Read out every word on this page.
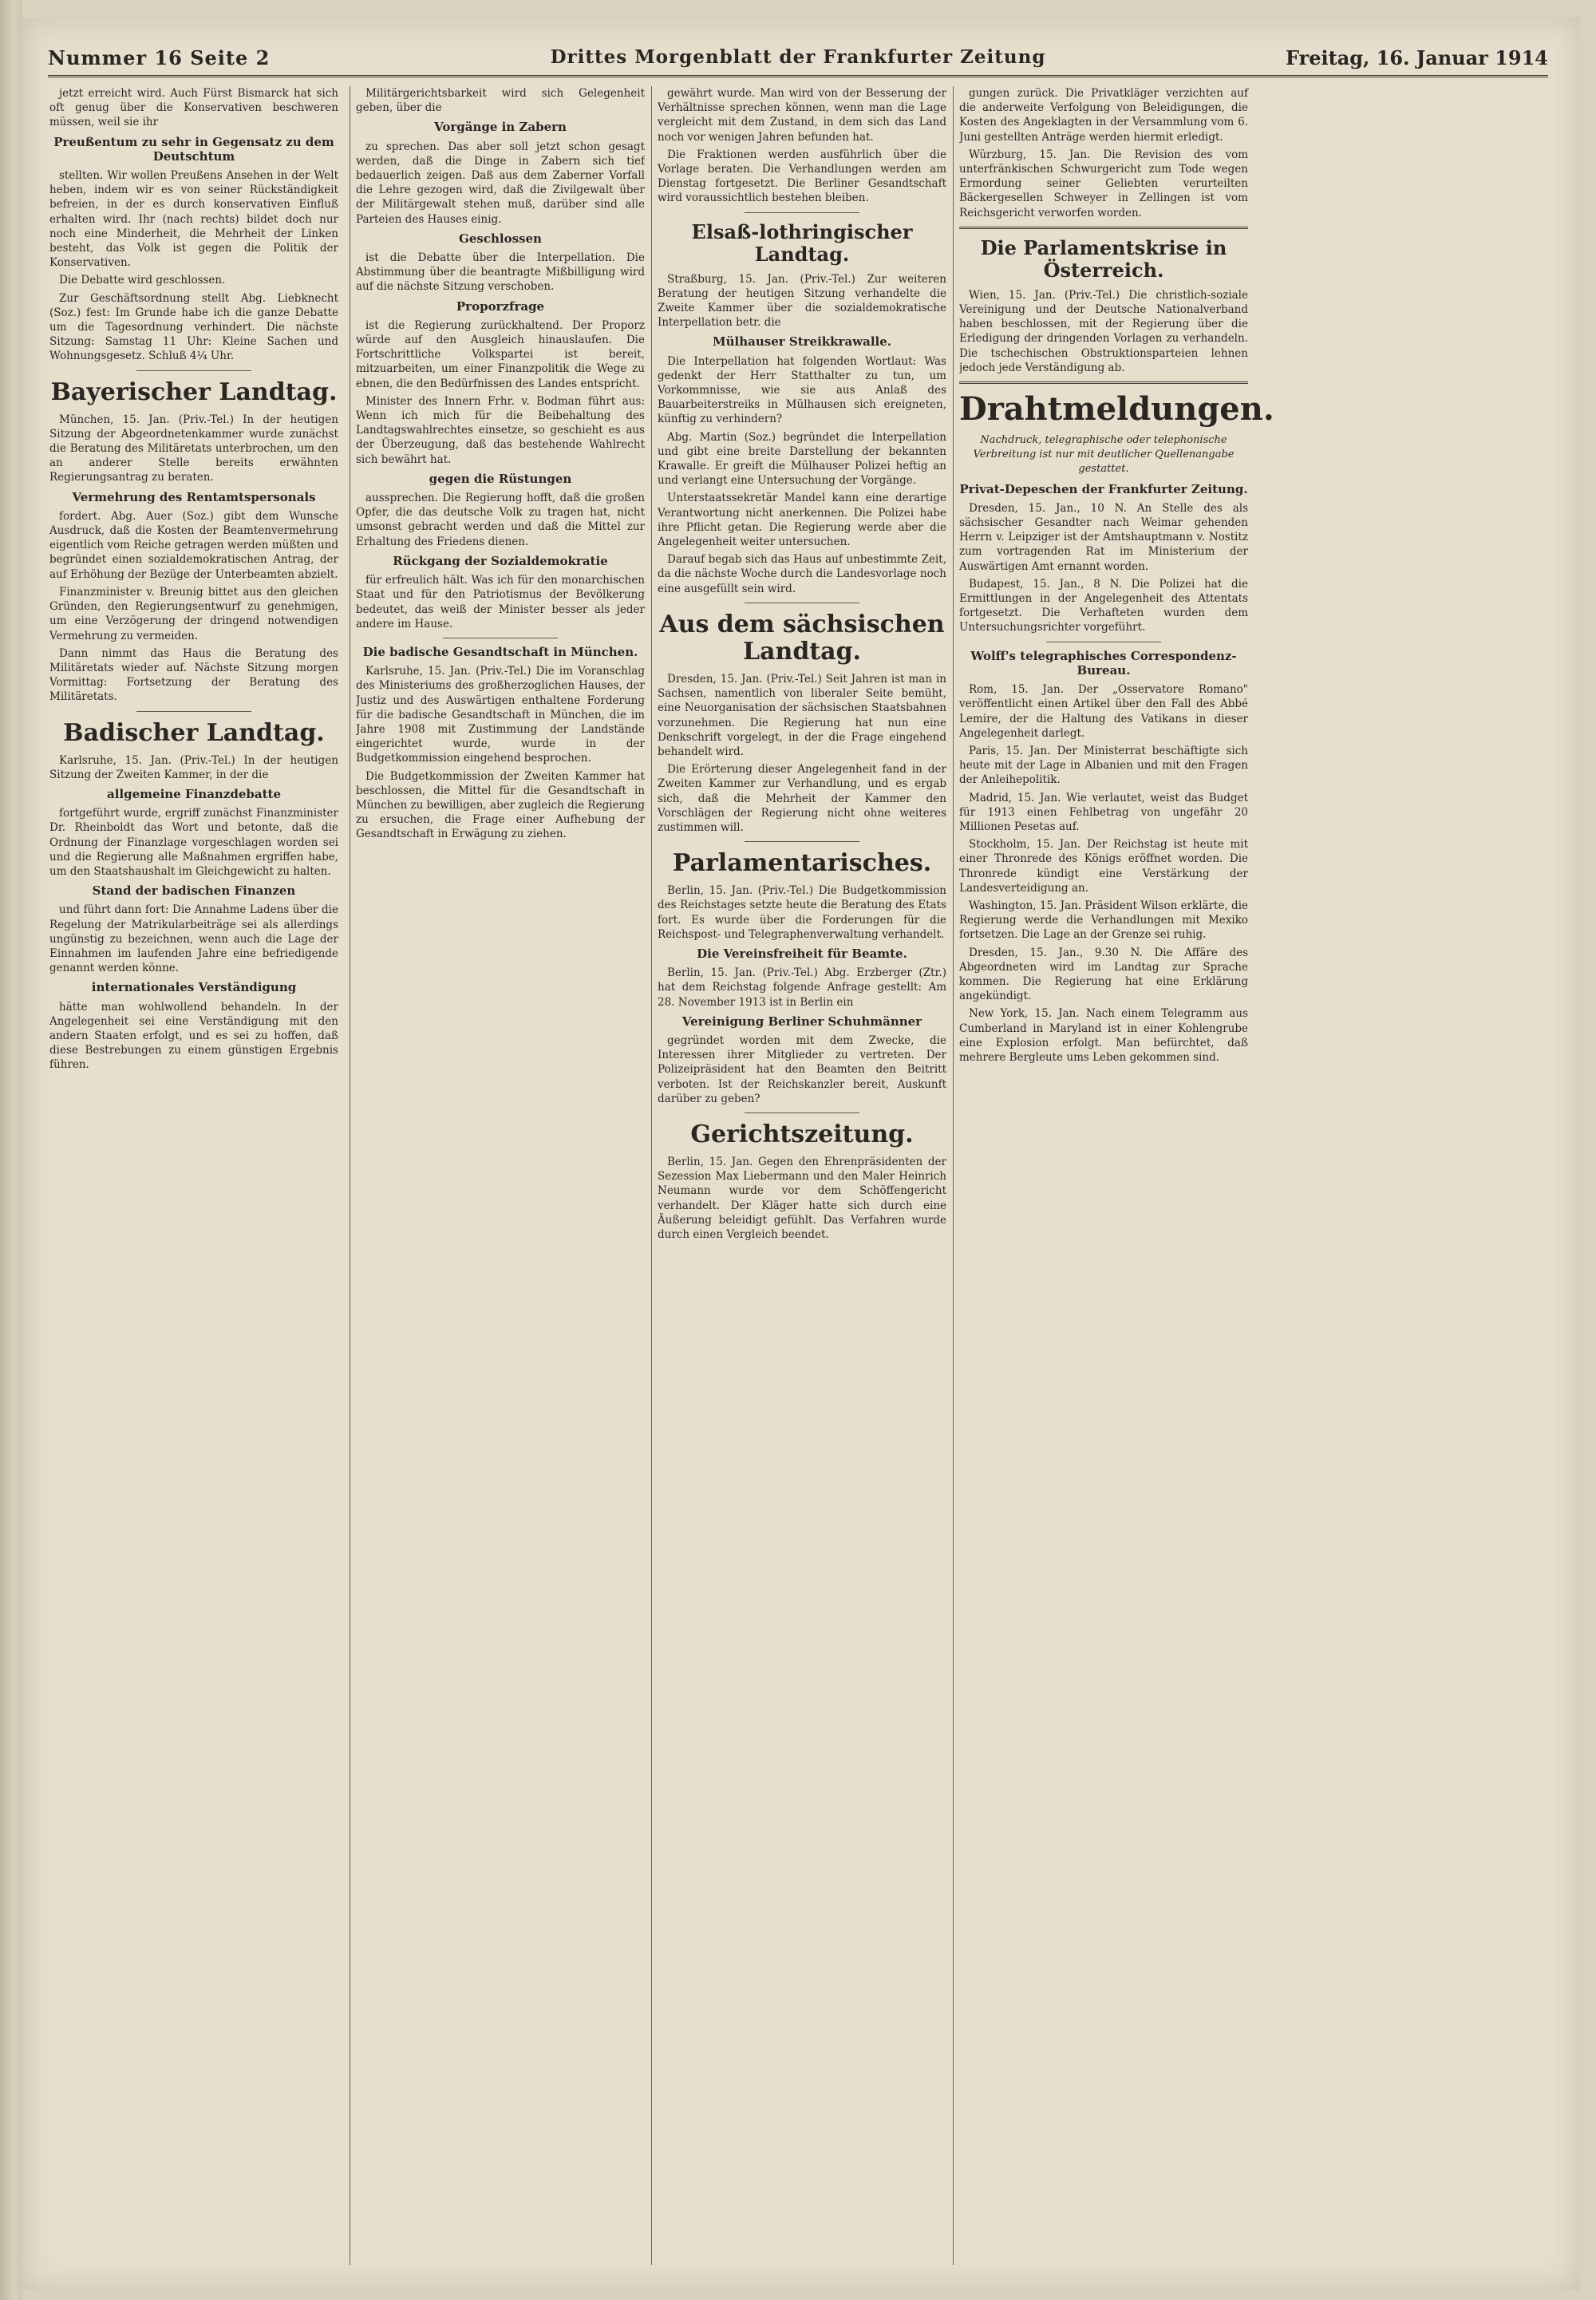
Nummer 16 Seite 2	Drittes Morgenblatt der Frankfurter Zeitung	Freitag, 16. Januar 1914

jetzt erreicht wird. Auch Fürst Bismarck hat sich oft genug über die Konservativen beschweren müssen, weil sie ihr

Preußentum zu sehr in Gegensatz zu dem Deutschtum

stellten. Wir wollen Preußens Ansehen in der Welt heben, indem wir es von seiner Rückständigkeit befreien, in der es durch konservativen Einfluß erhalten wird. Ihr (nach rechts) bildet doch nur noch eine Minderheit, die Mehrheit der Linken besteht, das Volk ist gegen die Politik der Konservativen.

Die Debatte wird geschlossen.

Zur Geschäftsordnung stellt Abg. Liebknecht (Soz.) fest: Im Grunde habe ich die ganze Debatte um die Tagesordnung verhindert. Die nächste Sitzung: Samstag 11 Uhr: Kleine Sachen und Wohnungsgesetz. Schluß 4¼ Uhr.

Bayerischer Landtag.

München, 15. Jan. (Priv.-Tel.) In der heutigen Sitzung der Abgeordnetenkammer wurde zunächst die Beratung des Militäretats unterbrochen, um den an anderer Stelle bereits erwähnten Regierungsantrag zu beraten.

Vermehrung des Rentamtspersonals

fordert. Abg. Auer (Soz.) gibt dem Wunsche Ausdruck, daß die Kosten der Beamtenvermehrung eigentlich vom Reiche getragen werden müßten und begründet einen sozialdemokratischen Antrag, der auf Erhöhung der Bezüge der Unterbeamten abzielt.

Finanzminister v. Breunig bittet aus den gleichen Gründen, den Regierungsentwurf zu genehmigen, um eine Verzögerung der dringend notwendigen Vermehrung zu vermeiden.

Dann nimmt das Haus die Beratung des Militäretats wieder auf. Nächste Sitzung morgen Vormittag: Fortsetzung der Beratung des Militäretats.

Badischer Landtag.

Karlsruhe, 15. Jan. (Priv.-Tel.) In der heutigen Sitzung der Zweiten Kammer, in der die

allgemeine Finanzdebatte

fortgeführt wurde, ergriff zunächst Finanzminister Dr. Rheinboldt das Wort und betonte, daß die Ordnung der Finanzlage vorgeschlagen worden sei und die Regierung alle Maßnahmen ergriffen habe, um den Staatshaushalt im Gleichgewicht zu halten.

Stand der badischen Finanzen

und führt dann fort: Die Annahme Ladens über die Regelung der Matrikularbeiträge sei als allerdings ungünstig zu bezeichnen, wenn auch die Lage der Einnahmen im laufenden Jahre eine befriedigende genannt werden könne.

internationales Verständigung

hätte man wohlwollend behandeln. In der Angelegenheit sei eine Verständigung mit den andern Staaten erfolgt, und es sei zu hoffen, daß diese Bestrebungen zu einem günstigen Ergebnis führen.

Militärgerichtsbarkeit wird sich Gelegenheit geben, über die

Vorgänge in Zabern

zu sprechen. Das aber soll jetzt schon gesagt werden, daß die Dinge in Zabern sich tief bedauerlich zeigen. Daß aus dem Zaberner Vorfall die Lehre gezogen wird, daß die Zivilgewalt über der Militärgewalt stehen muß, darüber sind alle Parteien des Hauses einig.

Geschlossen

ist die Debatte über die Interpellation. Die Abstimmung über die beantragte Mißbilligung wird auf die nächste Sitzung verschoben.

Proporzfrage

ist die Regierung zurückhaltend. Der Proporz würde auf den Ausgleich hinauslaufen. Die Fortschrittliche Volkspartei ist bereit, mitzuarbeiten, um einer Finanzpolitik die Wege zu ebnen, die den Bedürfnissen des Landes entspricht.

Minister des Innern Frhr. v. Bodman führt aus: Wenn ich mich für die Beibehaltung des Landtagswahlrechtes einsetze, so geschieht es aus der Überzeugung, daß das bestehende Wahlrecht sich bewährt hat.

gegen die Rüstungen

aussprechen. Die Regierung hofft, daß die großen Opfer, die das deutsche Volk zu tragen hat, nicht umsonst gebracht werden und daß die Mittel zur Erhaltung des Friedens dienen.

Rückgang der Sozialdemokratie

für erfreulich hält. Was ich für den monarchischen Staat und für den Patriotismus der Bevölkerung bedeutet, das weiß der Minister besser als jeder andere im Hause.

Die badische Gesandtschaft in München.

Karlsruhe, 15. Jan. (Priv.-Tel.) Die im Voranschlag des Ministeriums des großherzoglichen Hauses, der Justiz und des Auswärtigen enthaltene Forderung für die badische Gesandtschaft in München, die im Jahre 1908 mit Zustimmung der Landstände eingerichtet wurde, wurde in der Budgetkommission eingehend besprochen.

Die Budgetkommission der Zweiten Kammer hat beschlossen, die Mittel für die Gesandtschaft in München zu bewilligen, aber zugleich die Regierung zu ersuchen, die Frage einer Aufhebung der Gesandtschaft in Erwägung zu ziehen.

gewährt wurde. Man wird von der Besserung der Verhältnisse sprechen können, wenn man die Lage vergleicht mit dem Zustand, in dem sich das Land noch vor wenigen Jahren befunden hat.

Die Fraktionen werden ausführlich über die Vorlage beraten. Die Verhandlungen werden am Dienstag fortgesetzt. Die Berliner Gesandtschaft wird voraussichtlich bestehen bleiben.

Elsaß-lothringischer Landtag.

Straßburg, 15. Jan. (Priv.-Tel.) Zur weiteren Beratung der heutigen Sitzung verhandelte die Zweite Kammer über die sozialdemokratische Interpellation betr. die

Mülhauser Streikkrawalle.

Die Interpellation hat folgenden Wortlaut: Was gedenkt der Herr Statthalter zu tun, um Vorkommnisse, wie sie aus Anlaß des Bauarbeiterstreiks in Mülhausen sich ereigneten, künftig zu verhindern?

Abg. Martin (Soz.) begründet die Interpellation und gibt eine breite Darstellung der bekannten Krawalle. Er greift die Mülhauser Polizei heftig an und verlangt eine Untersuchung der Vorgänge.

Unterstaatssekretär Mandel kann eine derartige Verantwortung nicht anerkennen. Die Polizei habe ihre Pflicht getan. Die Regierung werde aber die Angelegenheit weiter untersuchen.

Darauf begab sich das Haus auf unbestimmte Zeit, da die nächste Woche durch die Landesvorlage noch eine ausgefüllt sein wird.

Aus dem sächsischen Landtag.

Dresden, 15. Jan. (Priv.-Tel.) Seit Jahren ist man in Sachsen, namentlich von liberaler Seite bemüht, eine Neuorganisation der sächsischen Staatsbahnen vorzunehmen. Die Regierung hat nun eine Denkschrift vorgelegt, in der die Frage eingehend behandelt wird.

Die Erörterung dieser Angelegenheit fand in der Zweiten Kammer zur Verhandlung, und es ergab sich, daß die Mehrheit der Kammer den Vorschlägen der Regierung nicht ohne weiteres zustimmen will.

Parlamentarisches.

Berlin, 15. Jan. (Priv.-Tel.) Die Budgetkommission des Reichstages setzte heute die Beratung des Etats fort. Es wurde über die Forderungen für die Reichspost- und Telegraphenverwaltung verhandelt.

Die Vereinsfreiheit für Beamte.

Berlin, 15. Jan. (Priv.-Tel.) Abg. Erzberger (Ztr.) hat dem Reichstag folgende Anfrage gestellt: Am 28. November 1913 ist in Berlin ein

Vereinigung Berliner Schuhmänner

gegründet worden mit dem Zwecke, die Interessen ihrer Mitglieder zu vertreten. Der Polizeipräsident hat den Beamten den Beitritt verboten. Ist der Reichskanzler bereit, Auskunft darüber zu geben?

Gerichtszeitung.

Berlin, 15. Jan. Gegen den Ehrenpräsidenten der Sezession Max Liebermann und den Maler Heinrich Neumann wurde vor dem Schöffengericht verhandelt. Der Kläger hatte sich durch eine Äußerung beleidigt gefühlt. Das Verfahren wurde durch einen Vergleich beendet.

gungen zurück. Die Privatkläger verzichten auf die anderweite Verfolgung von Beleidigungen, die Kosten des Angeklagten in der Versammlung vom 6. Juni gestellten Anträge werden hiermit erledigt.

Würzburg, 15. Jan. Die Revision des vom unterfränkischen Schwurgericht zum Tode wegen Ermordung seiner Geliebten verurteilten Bäckergesellen Schweyer in Zellingen ist vom Reichsgericht verworfen worden.

Die Parlamentskrise in Österreich.

Wien, 15. Jan. (Priv.-Tel.) Die christlich-soziale Vereinigung und der Deutsche Nationalverband haben beschlossen, mit der Regierung über die Erledigung der dringenden Vorlagen zu verhandeln. Die tschechischen Obstruktionsparteien lehnen jedoch jede Verständigung ab.

Drahtmeldungen.
Nachdruck, telegraphische oder telephonische Verbreitung ist nur mit deutlicher Quellenangabe gestattet.
Privat-Depeschen der Frankfurter Zeitung.

Dresden, 15. Jan., 10 N. An Stelle des als sächsischer Gesandter nach Weimar gehenden Herrn v. Leipziger ist der Amtshauptmann v. Nostitz zum vortragenden Rat im Ministerium der Auswärtigen Amt ernannt worden.

Budapest, 15. Jan., 8 N. Die Polizei hat die Ermittlungen in der Angelegenheit des Attentats fortgesetzt. Die Verhafteten wurden dem Untersuchungsrichter vorgeführt.

Wolff's telegraphisches Correspondenz-Bureau.

Rom, 15. Jan. Der „Osservatore Romano" veröffentlicht einen Artikel über den Fall des Abbé Lemire, der die Haltung des Vatikans in dieser Angelegenheit darlegt.

Paris, 15. Jan. Der Ministerrat beschäftigte sich heute mit der Lage in Albanien und mit den Fragen der Anleihepolitik.

Madrid, 15. Jan. Wie verlautet, weist das Budget für 1913 einen Fehlbetrag von ungefähr 20 Millionen Pesetas auf.

Stockholm, 15. Jan. Der Reichstag ist heute mit einer Thronrede des Königs eröffnet worden. Die Thronrede kündigt eine Verstärkung der Landesverteidigung an.

Washington, 15. Jan. Präsident Wilson erklärte, die Regierung werde die Verhandlungen mit Mexiko fortsetzen. Die Lage an der Grenze sei ruhig.

Dresden, 15. Jan., 9.30 N. Die Affäre des Abgeordneten wird im Landtag zur Sprache kommen. Die Regierung hat eine Erklärung angekündigt.

New York, 15. Jan. Nach einem Telegramm aus Cumberland in Maryland ist in einer Kohlengrube eine Explosion erfolgt. Man befürchtet, daß mehrere Bergleute ums Leben gekommen sind.
